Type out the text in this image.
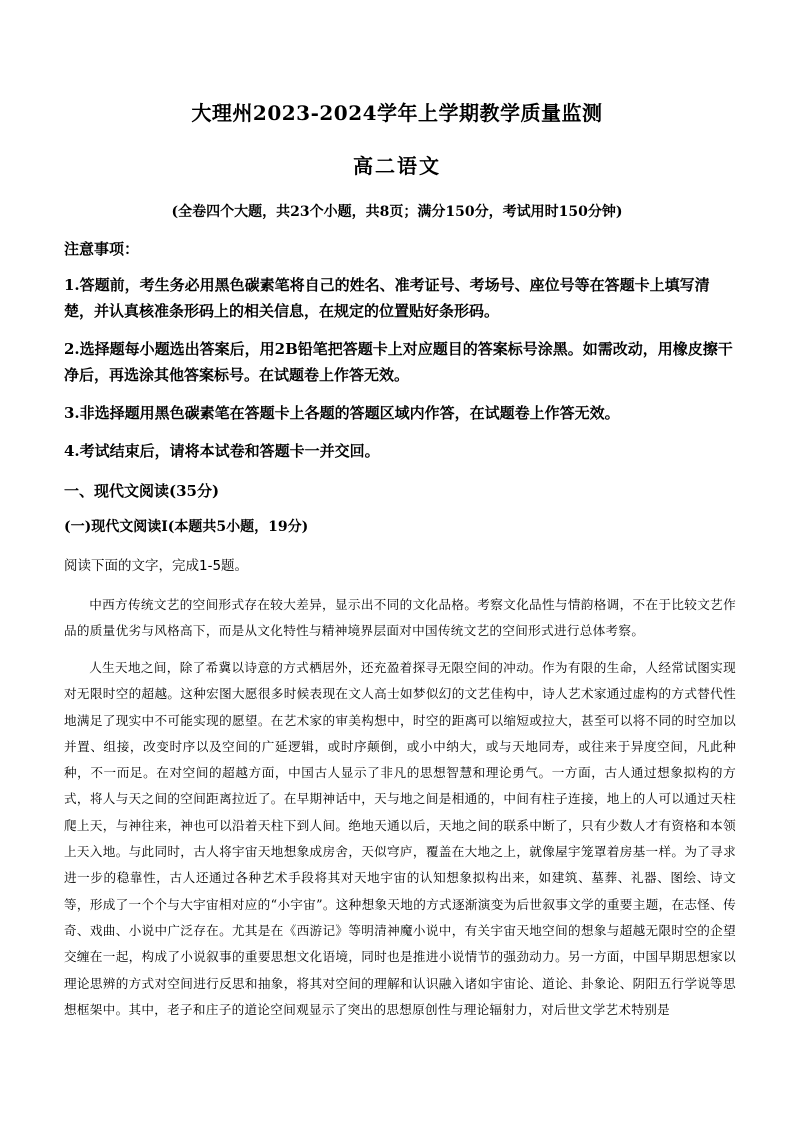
大理州2023-2024学年上学期教学质量监测
高二语文
(全卷四个大题，共23个小题，共8页；满分150分，考试用时150分钟)
注意事项：
1.答题前，考生务必用黑色碳素笔将自己的姓名、准考证号、考场号、座位号等在答题卡上填写清楚，并认真核准条形码上的相关信息，在规定的位置贴好条形码。
2.选择题每小题选出答案后，用2B铅笔把答题卡上对应题目的答案标号涂黑。如需改动，用橡皮擦干净后，再选涂其他答案标号。在试题卷上作答无效。
3.非选择题用黑色碳素笔在答题卡上各题的答题区域内作答，在试题卷上作答无效。
4.考试结束后，请将本试卷和答题卡一并交回。
一、现代文阅读(35分)
(一)现代文阅读Ⅰ(本题共5小题，19分)
阅读下面的文字，完成1-5题。
中西方传统文艺的空间形式存在较大差异，显示出不同的文化品格。考察文化品性与情韵格调，不在于比较文艺作品的质量优劣与风格高下，而是从文化特性与精神境界层面对中国传统文艺的空间形式进行总体考察。
人生天地之间，除了希冀以诗意的方式栖居外，还充盈着探寻无限空间的冲动。作为有限的生命，人经常试图实现对无限时空的超越。这种宏图大愿很多时候表现在文人高士如梦似幻的文艺佳构中，诗人艺术家通过虚构的方式替代性地满足了现实中不可能实现的愿望。在艺术家的审美构想中，时空的距离可以缩短或拉大，甚至可以将不同的时空加以并置、组接，改变时序以及空间的广延逻辑，或时序颠倒，或小中纳大，或与天地同寿，或往来于异度空间，凡此种种，不一而足。在对空间的超越方面，中国古人显示了非凡的思想智慧和理论勇气。一方面，古人通过想象拟构的方式，将人与天之间的空间距离拉近了。在早期神话中，天与地之间是相通的，中间有柱子连接，地上的人可以通过天柱爬上天，与神往来，神也可以沿着天柱下到人间。绝地天通以后，天地之间的联系中断了，只有少数人才有资格和本领上天入地。与此同时，古人将宇宙天地想象成房舍，天似穹庐，覆盖在大地之上，就像屋宇笼罩着房基一样。为了寻求进一步的稳靠性，古人还通过各种艺术手段将其对天地宇宙的认知想象拟构出来，如建筑、墓葬、礼器、图绘、诗文等，形成了一个个与大宇宙相对应的“小宇宙”。这种想象天地的方式逐渐演变为后世叙事文学的重要主题，在志怪、传奇、戏曲、小说中广泛存在。尤其是在《西游记》等明清神魔小说中，有关宇宙天地空间的想象与超越无限时空的企望交缠在一起，构成了小说叙事的重要思想文化语境，同时也是推进小说情节的强劲动力。另一方面，中国早期思想家以理论思辨的方式对空间进行反思和抽象，将其对空间的理解和认识融入诸如宇宙论、道论、卦象论、阴阳五行学说等思想框架中。其中，老子和庄子的道论空间观显示了突出的思想原创性与理论辐射力，对后世文学艺术特别是
